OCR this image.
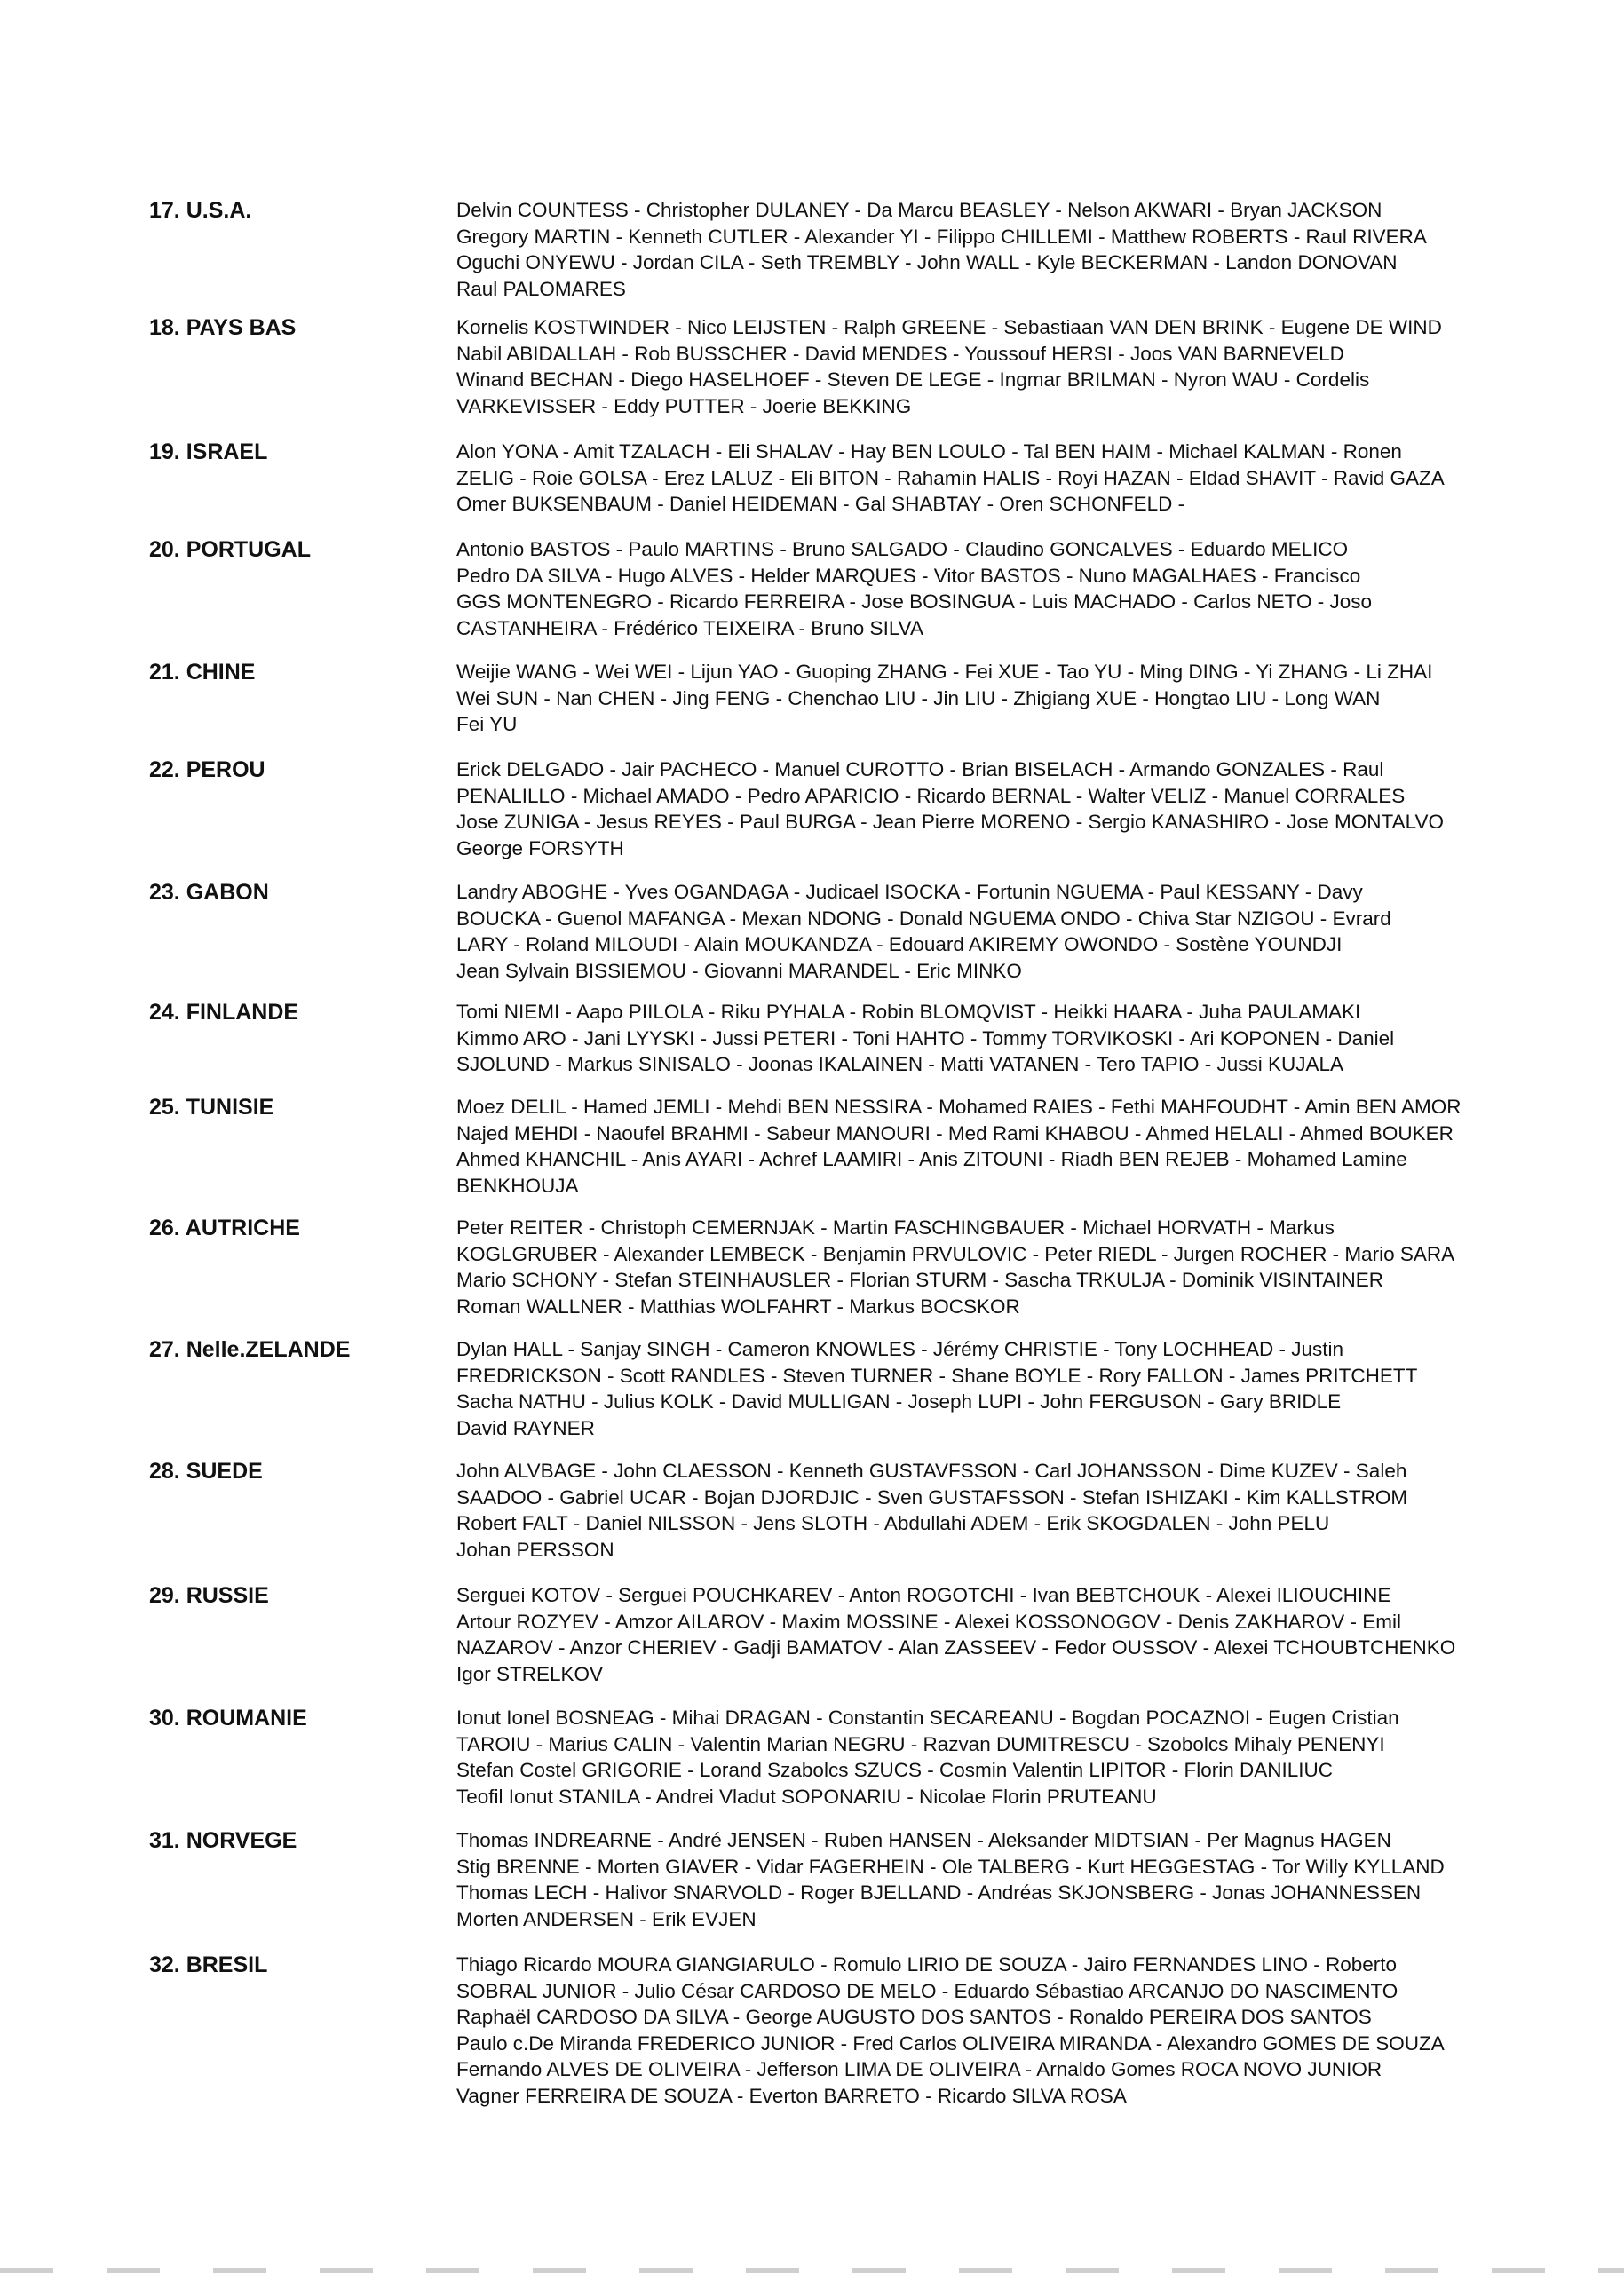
17. U.S.A.	Delvin COUNTESS - Christopher DULANEY - Da Marcu BEASLEY - Nelson AKWARI - Bryan JACKSON
Gregory MARTIN - Kenneth CUTLER - Alexander YI - Filippo CHILLEMI - Matthew ROBERTS - Raul RIVERA
Oguchi ONYEWU - Jordan CILA - Seth TREMBLY - John WALL - Kyle BECKERMAN - Landon DONOVAN
Raul PALOMARES
18. PAYS BAS	Kornelis KOSTWINDER - Nico LEIJSTEN - Ralph GREENE - Sebastiaan VAN DEN BRINK - Eugene DE WIND
Nabil ABIDALLAH - Rob BUSSCHER - David MENDES - Youssouf HERSI - Joos VAN BARNEVELD
Winand BECHAN - Diego HASELHOEF - Steven DE LEGE - Ingmar BRILMAN - Nyron WAU - Cordelis
VARKEVISSER - Eddy PUTTER - Joerie BEKKING
19. ISRAEL	Alon YONA - Amit TZALACH - Eli SHALAV - Hay BEN LOULO - Tal BEN HAIM - Michael KALMAN - Ronen
ZELIG - Roie GOLSA - Erez LALUZ - Eli BITON - Rahamin HALIS - Royi HAZAN - Eldad SHAVIT - Ravid GAZA
Omer BUKSENBAUM - Daniel HEIDEMAN - Gal SHABTAY - Oren SCHONFELD -
20. PORTUGAL	Antonio BASTOS - Paulo MARTINS - Bruno SALGADO - Claudino GONCALVES - Eduardo MELICO
Pedro DA SILVA - Hugo ALVES - Helder MARQUES - Vitor BASTOS - Nuno MAGALHAES - Francisco
GGS MONTENEGRO - Ricardo FERREIRA - Jose BOSINGUA - Luis MACHADO - Carlos NETO - Joso
CASTANHEIRA - Frédérico TEIXEIRA - Bruno SILVA
21. CHINE	Weijie WANG - Wei WEI - Lijun YAO - Guoping ZHANG - Fei XUE - Tao YU - Ming DING - Yi ZHANG - Li ZHAI
Wei SUN - Nan CHEN - Jing FENG - Chenchao LIU - Jin LIU - Zhigiang XUE - Hongtao LIU - Long WAN
Fei YU
22. PEROU	Erick DELGADO - Jair PACHECO - Manuel CUROTTO - Brian BISELACH - Armando GONZALES - Raul
PENALILLO - Michael AMADO - Pedro APARICIO - Ricardo BERNAL - Walter VELIZ - Manuel CORRALES
Jose ZUNIGA - Jesus REYES - Paul BURGA - Jean Pierre MORENO - Sergio KANASHIRO - Jose MONTALVO
George FORSYTH
23. GABON	Landry ABOGHE - Yves OGANDAGA - Judicael ISOCKA - Fortunin NGUEMA - Paul KESSANY - Davy
BOUCKA - Guenol MAFANGA - Mexan NDONG - Donald NGUEMA ONDO - Chiva Star NZIGOU - Evrard
LARY - Roland MILOUDI - Alain MOUKANDZA - Edouard AKIREMY OWONDO - Sostène YOUNDJI
Jean Sylvain BISSIEMOU - Giovanni MARANDEL - Eric MINKO
24. FINLANDE	Tomi NIEMI - Aapo PIILOLA - Riku PYHALA - Robin BLOMQVIST - Heikki HAARA - Juha PAULAMAKI
Kimmo ARO - Jani LYYSKI - Jussi PETERI - Toni HAHTO - Tommy TORVIKOSKI - Ari KOPONEN - Daniel
SJOLUND - Markus SINISALO - Joonas IKALAINEN - Matti VATANEN - Tero TAPIO - Jussi KUJALA
25. TUNISIE	Moez DELIL - Hamed JEMLI - Mehdi BEN NESSIRA - Mohamed RAIES - Fethi MAHFOUDHT - Amin BEN AMOR
Najed MEHDI - Naoufel BRAHMI - Sabeur MANOURI - Med Rami KHABOU - Ahmed HELALI - Ahmed BOUKER
Ahmed KHANCHIL - Anis AYARI - Achref LAAMIRI - Anis ZITOUNI - Riadh BEN REJEB - Mohamed Lamine
BENKHOUJA
26. AUTRICHE	Peter REITER - Christoph CEMERNJAK - Martin FASCHINGBAUER - Michael HORVATH - Markus
KOGLGRUBER - Alexander LEMBECK - Benjamin PRVULOVIC - Peter RIEDL - Jurgen ROCHER - Mario SARA
Mario SCHONY - Stefan STEINHAUSLER - Florian STURM - Sascha TRKULJA - Dominik VISINTAINER
Roman WALLNER - Matthias WOLFAHRT - Markus BOCSKOR
27. Nelle.ZELANDE	Dylan HALL - Sanjay SINGH - Cameron KNOWLES - Jérémy CHRISTIE - Tony LOCHHEAD - Justin
FREDRICKSON - Scott RANDLES - Steven TURNER - Shane BOYLE - Rory FALLON - James PRITCHETT
Sacha NATHU - Julius KOLK - David MULLIGAN - Joseph LUPI - John FERGUSON - Gary BRIDLE
David RAYNER
28. SUEDE	John ALVBAGE - John CLAESSON - Kenneth GUSTAVFSSON - Carl JOHANSSON - Dime KUZEV - Saleh
SAADOO - Gabriel UCAR - Bojan DJORDJIC - Sven GUSTAFSSON - Stefan ISHIZAKI - Kim KALLSTROM
Robert FALT - Daniel NILSSON - Jens SLOTH - Abdullahi ADEM - Erik SKOGDALEN - John PELU
Johan PERSSON
29. RUSSIE	Serguei KOTOV - Serguei POUCHKAREV - Anton ROGOTCHI - Ivan BEBTCHOUK - Alexei ILIOUCHINE
Artour ROZYEV - Amzor AILAROV - Maxim MOSSINE - Alexei KOSSONOGOV - Denis ZAKHAROV - Emil
NAZAROV - Anzor CHERIEV - Gadji BAMATOV - Alan ZASSEEV - Fedor OUSSOV - Alexei TCHOUBTCHENKO
Igor STRELKOV
30. ROUMANIE	Ionut Ionel BOSNEAG - Mihai DRAGAN - Constantin SECAREANU - Bogdan POCAZNOI - Eugen Cristian
TAROIU - Marius CALIN - Valentin Marian NEGRU - Razvan DUMITRESCU - Szobolcs Mihaly PENENYI
Stefan Costel GRIGORIE - Lorand Szabolcs SZUCS - Cosmin Valentin LIPITOR - Florin DANILIUC
Teofil Ionut STANILA - Andrei Vladut SOPONARIU - Nicolae Florin PRUTEANU
31. NORVEGE	Thomas INDREARNE - André JENSEN - Ruben HANSEN - Aleksander MIDTSIAN - Per Magnus HAGEN
Stig BRENNE - Morten GIAVER - Vidar FAGERHEIN - Ole TALBERG - Kurt HEGGESTAG - Tor Willy KYLLAND
Thomas LECH - Halivor SNARVOLD - Roger BJELLAND - Andréas SKJONSBERG - Jonas JOHANNESSEN
Morten ANDERSEN - Erik EVJEN
32. BRESIL	Thiago Ricardo MOURA GIANGIARULO - Romulo LIRIO DE SOUZA - Jairo FERNANDES LINO - Roberto
SOBRAL JUNIOR - Julio César CARDOSO DE MELO - Eduardo Sébastiao ARCANJO DO NASCIMENTO
Raphaël CARDOSO DA SILVA - George AUGUSTO DOS SANTOS - Ronaldo PEREIRA DOS SANTOS
Paulo c.De Miranda FREDERICO JUNIOR - Fred Carlos OLIVEIRA MIRANDA - Alexandro GOMES DE SOUZA
Fernando ALVES DE OLIVEIRA - Jefferson LIMA DE OLIVEIRA - Arnaldo Gomes ROCA NOVO JUNIOR
Vagner FERREIRA DE SOUZA - Everton BARRETO - Ricardo SILVA ROSA
